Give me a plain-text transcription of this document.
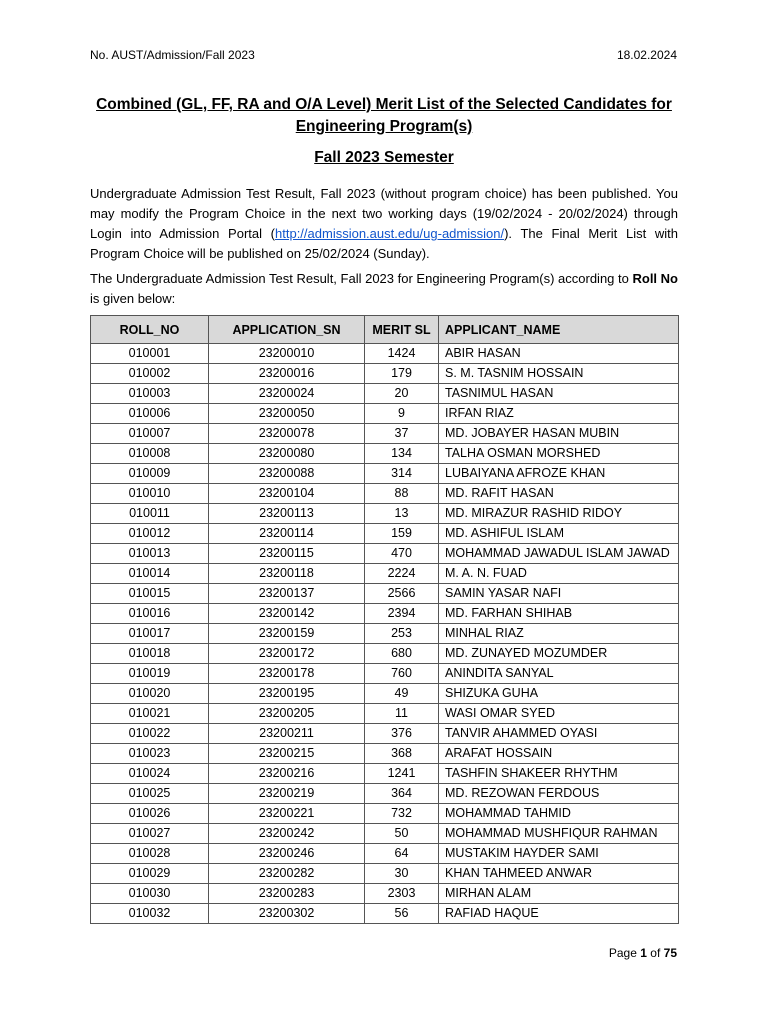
No. AUST/Admission/Fall 2023	18.02.2024
Combined (GL, FF, RA and O/A Level) Merit List of the Selected Candidates for
Engineering Program(s)
Fall 2023 Semester
Undergraduate Admission Test Result, Fall 2023 (without program choice) has been published. You may modify the Program Choice in the next two working days (19/02/2024 - 20/02/2024) through Login into Admission Portal (http://admission.aust.edu/ug-admission/). The Final Merit List with Program Choice will be published on 25/02/2024 (Sunday).
The Undergraduate Admission Test Result, Fall 2023 for Engineering Program(s) according to Roll No is given below:
ROLL_NO	APPLICATION_SN	MERIT SL	APPLICANT_NAME
010001	23200010	1424	ABIR HASAN
010002	23200016	179	S. M. TASNIM HOSSAIN
010003	23200024	20	TASNIMUL HASAN
010006	23200050	9	IRFAN RIAZ
010007	23200078	37	MD. JOBAYER HASAN MUBIN
010008	23200080	134	TALHA OSMAN MORSHED
010009	23200088	314	LUBAIYANA AFROZE KHAN
010010	23200104	88	MD. RAFIT HASAN
010011	23200113	13	MD. MIRAZUR RASHID RIDOY
010012	23200114	159	MD. ASHIFUL ISLAM
010013	23200115	470	MOHAMMAD JAWADUL ISLAM JAWAD
010014	23200118	2224	M. A. N. FUAD
010015	23200137	2566	SAMIN YASAR NAFI
010016	23200142	2394	MD. FARHAN SHIHAB
010017	23200159	253	MINHAL RIAZ
010018	23200172	680	MD. ZUNAYED MOZUMDER
010019	23200178	760	ANINDITA SANYAL
010020	23200195	49	SHIZUKA GUHA
010021	23200205	11	WASI OMAR SYED
010022	23200211	376	TANVIR AHAMMED OYASI
010023	23200215	368	ARAFAT HOSSAIN
010024	23200216	1241	TASHFIN SHAKEER RHYTHM
010025	23200219	364	MD. REZOWAN FERDOUS
010026	23200221	732	MOHAMMAD TAHMID
010027	23200242	50	MOHAMMAD MUSHFIQUR RAHMAN
010028	23200246	64	MUSTAKIM HAYDER SAMI
010029	23200282	30	KHAN TAHMEED ANWAR
010030	23200283	2303	MIRHAN ALAM
010032	23200302	56	RAFIAD HAQUE
Page 1 of 75
